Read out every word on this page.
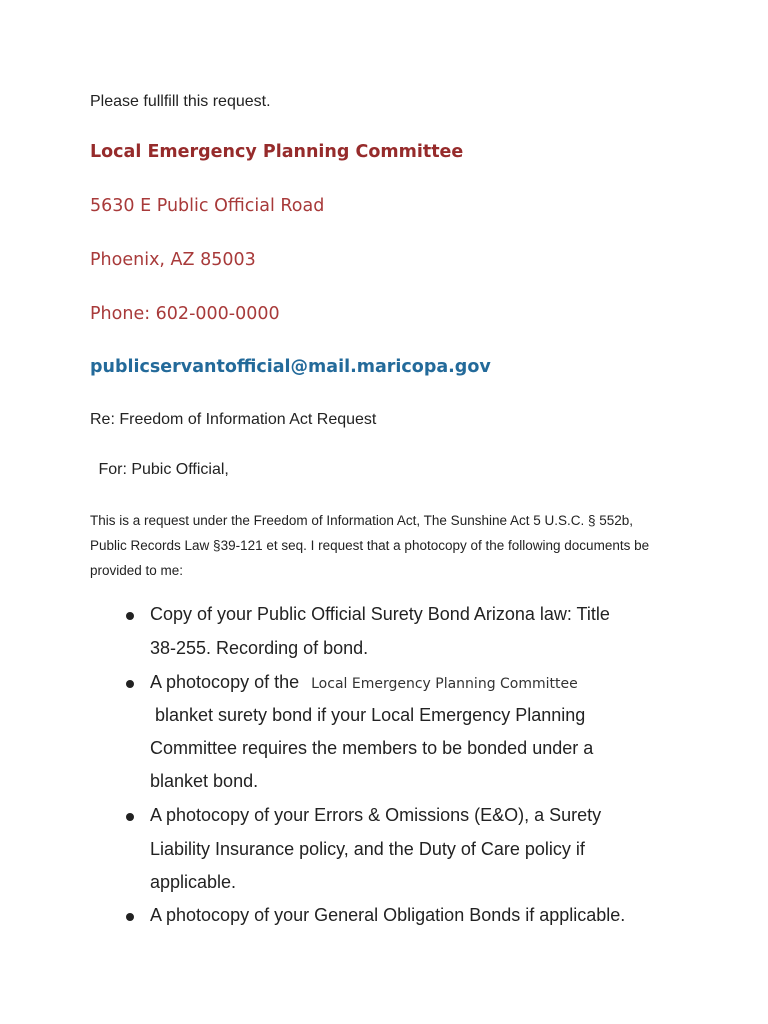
Please fullfill this request.
Local Emergency Planning Committee
5630 E Public Official Road
Phoenix, AZ 85003
Phone: 602-000-0000
publicservantofficial@mail.maricopa.gov
Re: Freedom of Information Act Request
For: Pubic Official,
This is a request under the Freedom of Information Act, The Sunshine Act 5 U.S.C. § 552b,
Public Records Law §39-121 et seq. I request that a photocopy of the following documents be
provided to me:
Copy of your Public Official Surety Bond Arizona law: Title
38-255. Recording of bond.
A photocopy of the Local Emergency Planning Committee
blanket surety bond if your Local Emergency Planning
Committee requires the members to be bonded under a
blanket bond.
A photocopy of your Errors & Omissions (E&O), a Surety
Liability Insurance policy, and the Duty of Care policy if
applicable.
A photocopy of your General Obligation Bonds if applicable.
